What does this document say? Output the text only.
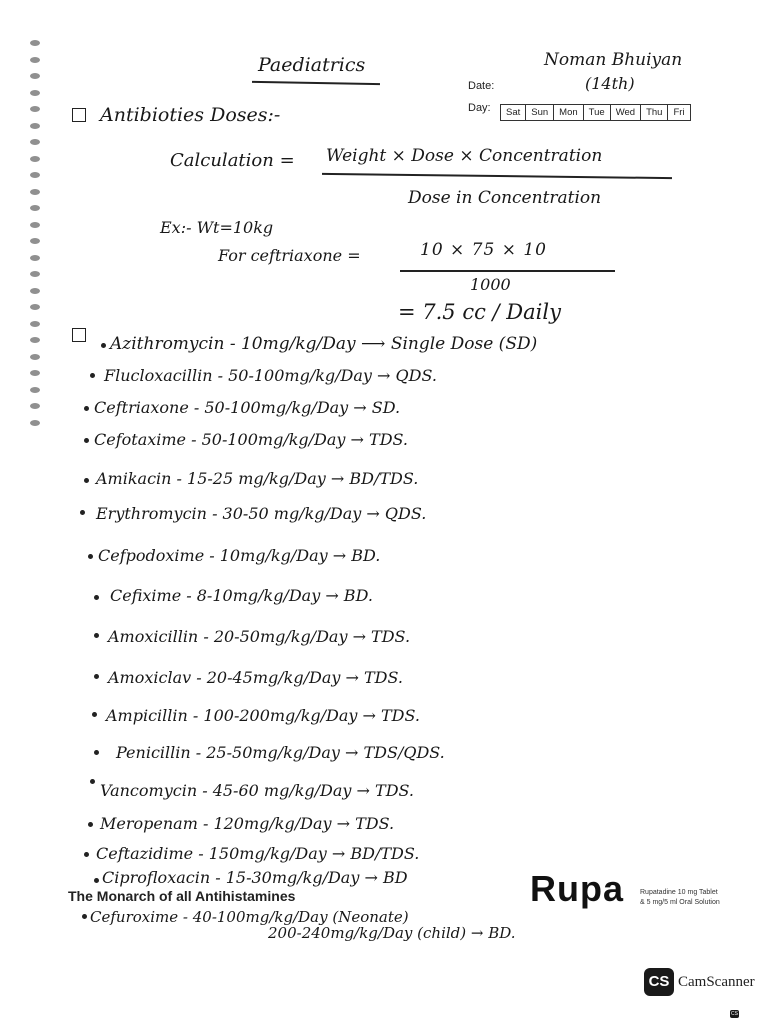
Paediatrics	Noman Bhuiyan
(14th)
Date:
Day:	Sat	Sun	Mon	Tue	Wed	Thu	Fri
Antibioties Doses:-
Calculation = Weight × Dose × Concentration
Dose in Concentration
Ex:- Wt=10kg
For ceftriaxone =	10 × 75 × 10
1000
= 7.5 cc / Daily
Azithromycin - 10mg/kg/Day ⟶ Single Dose (SD)
Flucloxacillin - 50-100mg/kg/Day → QDS.
Ceftriaxone - 50-100mg/kg/Day → SD.
Cefotaxime - 50-100mg/kg/Day → TDS.
Amikacin - 15-25 mg/kg/Day → BD/TDS.
Erythromycin - 30-50 mg/kg/Day → QDS.
Cefpodoxime - 10mg/kg/Day → BD.
Cefixime - 8-10mg/kg/Day → BD.
Amoxicillin - 20-50mg/kg/Day → TDS.
Amoxiclav - 20-45mg/kg/Day → TDS.
Ampicillin - 100-200mg/kg/Day → TDS.
Penicillin - 25-50mg/kg/Day → TDS/QDS.
Vancomycin - 45-60 mg/kg/Day → TDS.
Meropenam - 120mg/kg/Day → TDS.
Ceftazidime - 150mg/kg/Day → BD/TDS.
Ciprofloxacin - 15-30mg/kg/Day → BD
Cefuroxime - 40-100mg/kg/Day (Neonate)
200-240mg/kg/Day (child) → BD.
The Monarch of all Antihistamines	Rupa Rupatadine 10 mg Tablet
& 5 mg/5 ml Oral Solution
CS CamScanner
CS
